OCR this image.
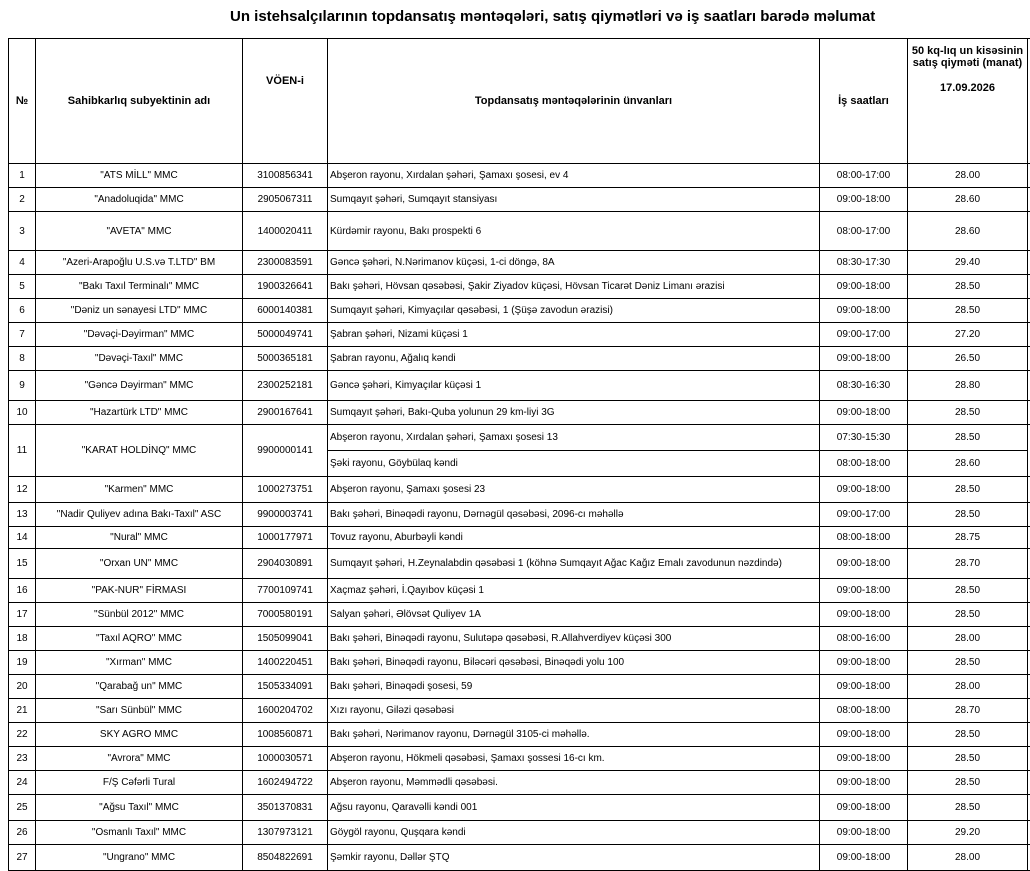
Un istehsalçılarının topdansatış məntəqələri, satış qiymətləri və iş saatları barədə məlumat
№	Sahibkarlıq subyektinin adı	VÖEN-i	Topdansatış məntəqələrinin ünvanları	İş saatları	50 kq-lıq un kisəsinin satış qiyməti (manat)
17.09.2026	

1	"ATS MİLL" MMC	3100856341	Abşeron rayonu, Xırdalan şəhəri, Şamaxı şosesi, ev 4	08:00-17:00	28.00	
2	"Anadoluqida" MMC	2905067311	Sumqayıt şəhəri, Sumqayıt stansiyası	09:00-18:00	28.60	
3	"AVETA" MMC	1400020411	Kürdəmir rayonu, Bakı prospekti 6	08:00-17:00	28.60	
4	"Azeri-Arapoğlu U.S.və T.LTD" BM	2300083591	Gəncə şəhəri, N.Nərimanov küçəsi, 1-ci döngə, 8A	08:30-17:30	29.40	
5	"Bakı Taxıl Terminalı" MMC	1900326641	Bakı şəhəri, Hövsan qəsəbəsi, Şakir Ziyadov küçəsi, Hövsan Ticarət Dəniz Limanı ərazisi	09:00-18:00	28.50	
6	"Dəniz un sənayesi LTD" MMC	6000140381	Sumqayıt şəhəri, Kimyaçılar qəsəbəsi, 1 (Şüşə zavodun ərazisi)	09:00-18:00	28.50	
7	"Dəvəçi-Dəyirman" MMC	5000049741	Şabran şəhəri, Nizami küçəsi 1	09:00-17:00	27.20	
8	"Dəvəçi-Taxıl" MMC	5000365181	Şabran rayonu, Ağalıq kəndi	09:00-18:00	26.50	
9	"Gəncə Dəyirman" MMC	2300252181	Gəncə şəhəri, Kimyaçılar küçəsi 1	08:30-16:30	28.80	
10	"Hazartürk LTD" MMC	2900167641	Sumqayıt şəhəri, Bakı-Quba yolunun 29 km-liyi 3G	09:00-18:00	28.50	
11	"KARAT HOLDİNQ" MMC	9900000141	Abşeron rayonu, Xırdalan şəhəri, Şamaxı şosesi 13	07:30-15:30	28.50	
			Şəki rayonu, Göybülaq kəndi	08:00-18:00	28.60	
12	"Karmen" MMC	1000273751	Abşeron rayonu, Şamaxı şosesi 23	09:00-18:00	28.50	
13	"Nadir Quliyev adına Bakı-Taxıl" ASC	9900003741	Bakı şəhəri, Binəqədi rayonu, Dərnəgül qəsəbəsi, 2096-cı məhəllə	09:00-17:00	28.50	
14	"Nural" MMC	1000177971	Tovuz rayonu, Aburbəyli kəndi	08:00-18:00	28.75	
15	"Orxan UN" MMC	2904030891	Sumqayıt şəhəri, H.Zeynalabdin qəsəbəsi 1 (köhnə Sumqayıt Ağac Kağız Emalı zavodunun nəzdində)	09:00-18:00	28.70	
16	"PAK-NUR" FİRMASI	7700109741	Xaçmaz şəhəri, İ.Qayıbov küçəsi 1	09:00-18:00	28.50	
17	"Sünbül 2012" MMC	7000580191	Salyan şəhəri, Əlövsət Quliyev 1A	09:00-18:00	28.50	
18	"Taxıl AQRO" MMC	1505099041	Bakı şəhəri, Binəqədi rayonu, Sulutəpə qəsəbəsi, R.Allahverdiyev küçəsi 300	08:00-16:00	28.00	
19	"Xırman" MMC	1400220451	Bakı şəhəri, Binəqədi rayonu, Biləcəri qəsəbəsi, Binəqədi yolu 100	09:00-18:00	28.50	
20	"Qarabağ un" MMC	1505334091	Bakı şəhəri, Binəqədi şosesi, 59	09:00-18:00	28.00	
21	"Sarı Sünbül" MMC	1600204702	Xızı rayonu, Giləzi qəsəbəsi	08:00-18:00	28.70	
22	SKY AGRO MMC	1008560871	Bakı şəhəri, Nərimanov rayonu, Dərnəgül 3105-ci məhəllə.	09:00-18:00	28.50	
23	"Avrora" MMC	1000030571	Abşeron rayonu, Hökmeli qəsəbəsi, Şamaxı şossesi 16-cı km.	09:00-18:00	28.50	
24	F/Ş Cəfərli Tural	1602494722	Abşeron rayonu, Məmmədli qəsəbəsi.	09:00-18:00	28.50	
25	"Ağsu Taxıl" MMC	3501370831	Ağsu rayonu, Qaravəlli kəndi 001	09:00-18:00	28.50	
26	"Osmanlı Taxıl" MMC	1307973121	Göygöl rayonu, Quşqara kəndi	09:00-18:00	29.20	
27	"Ungrano" MMC	8504822691	Şəmkir rayonu, Dəllər ŞTQ	09:00-18:00	28.00	
